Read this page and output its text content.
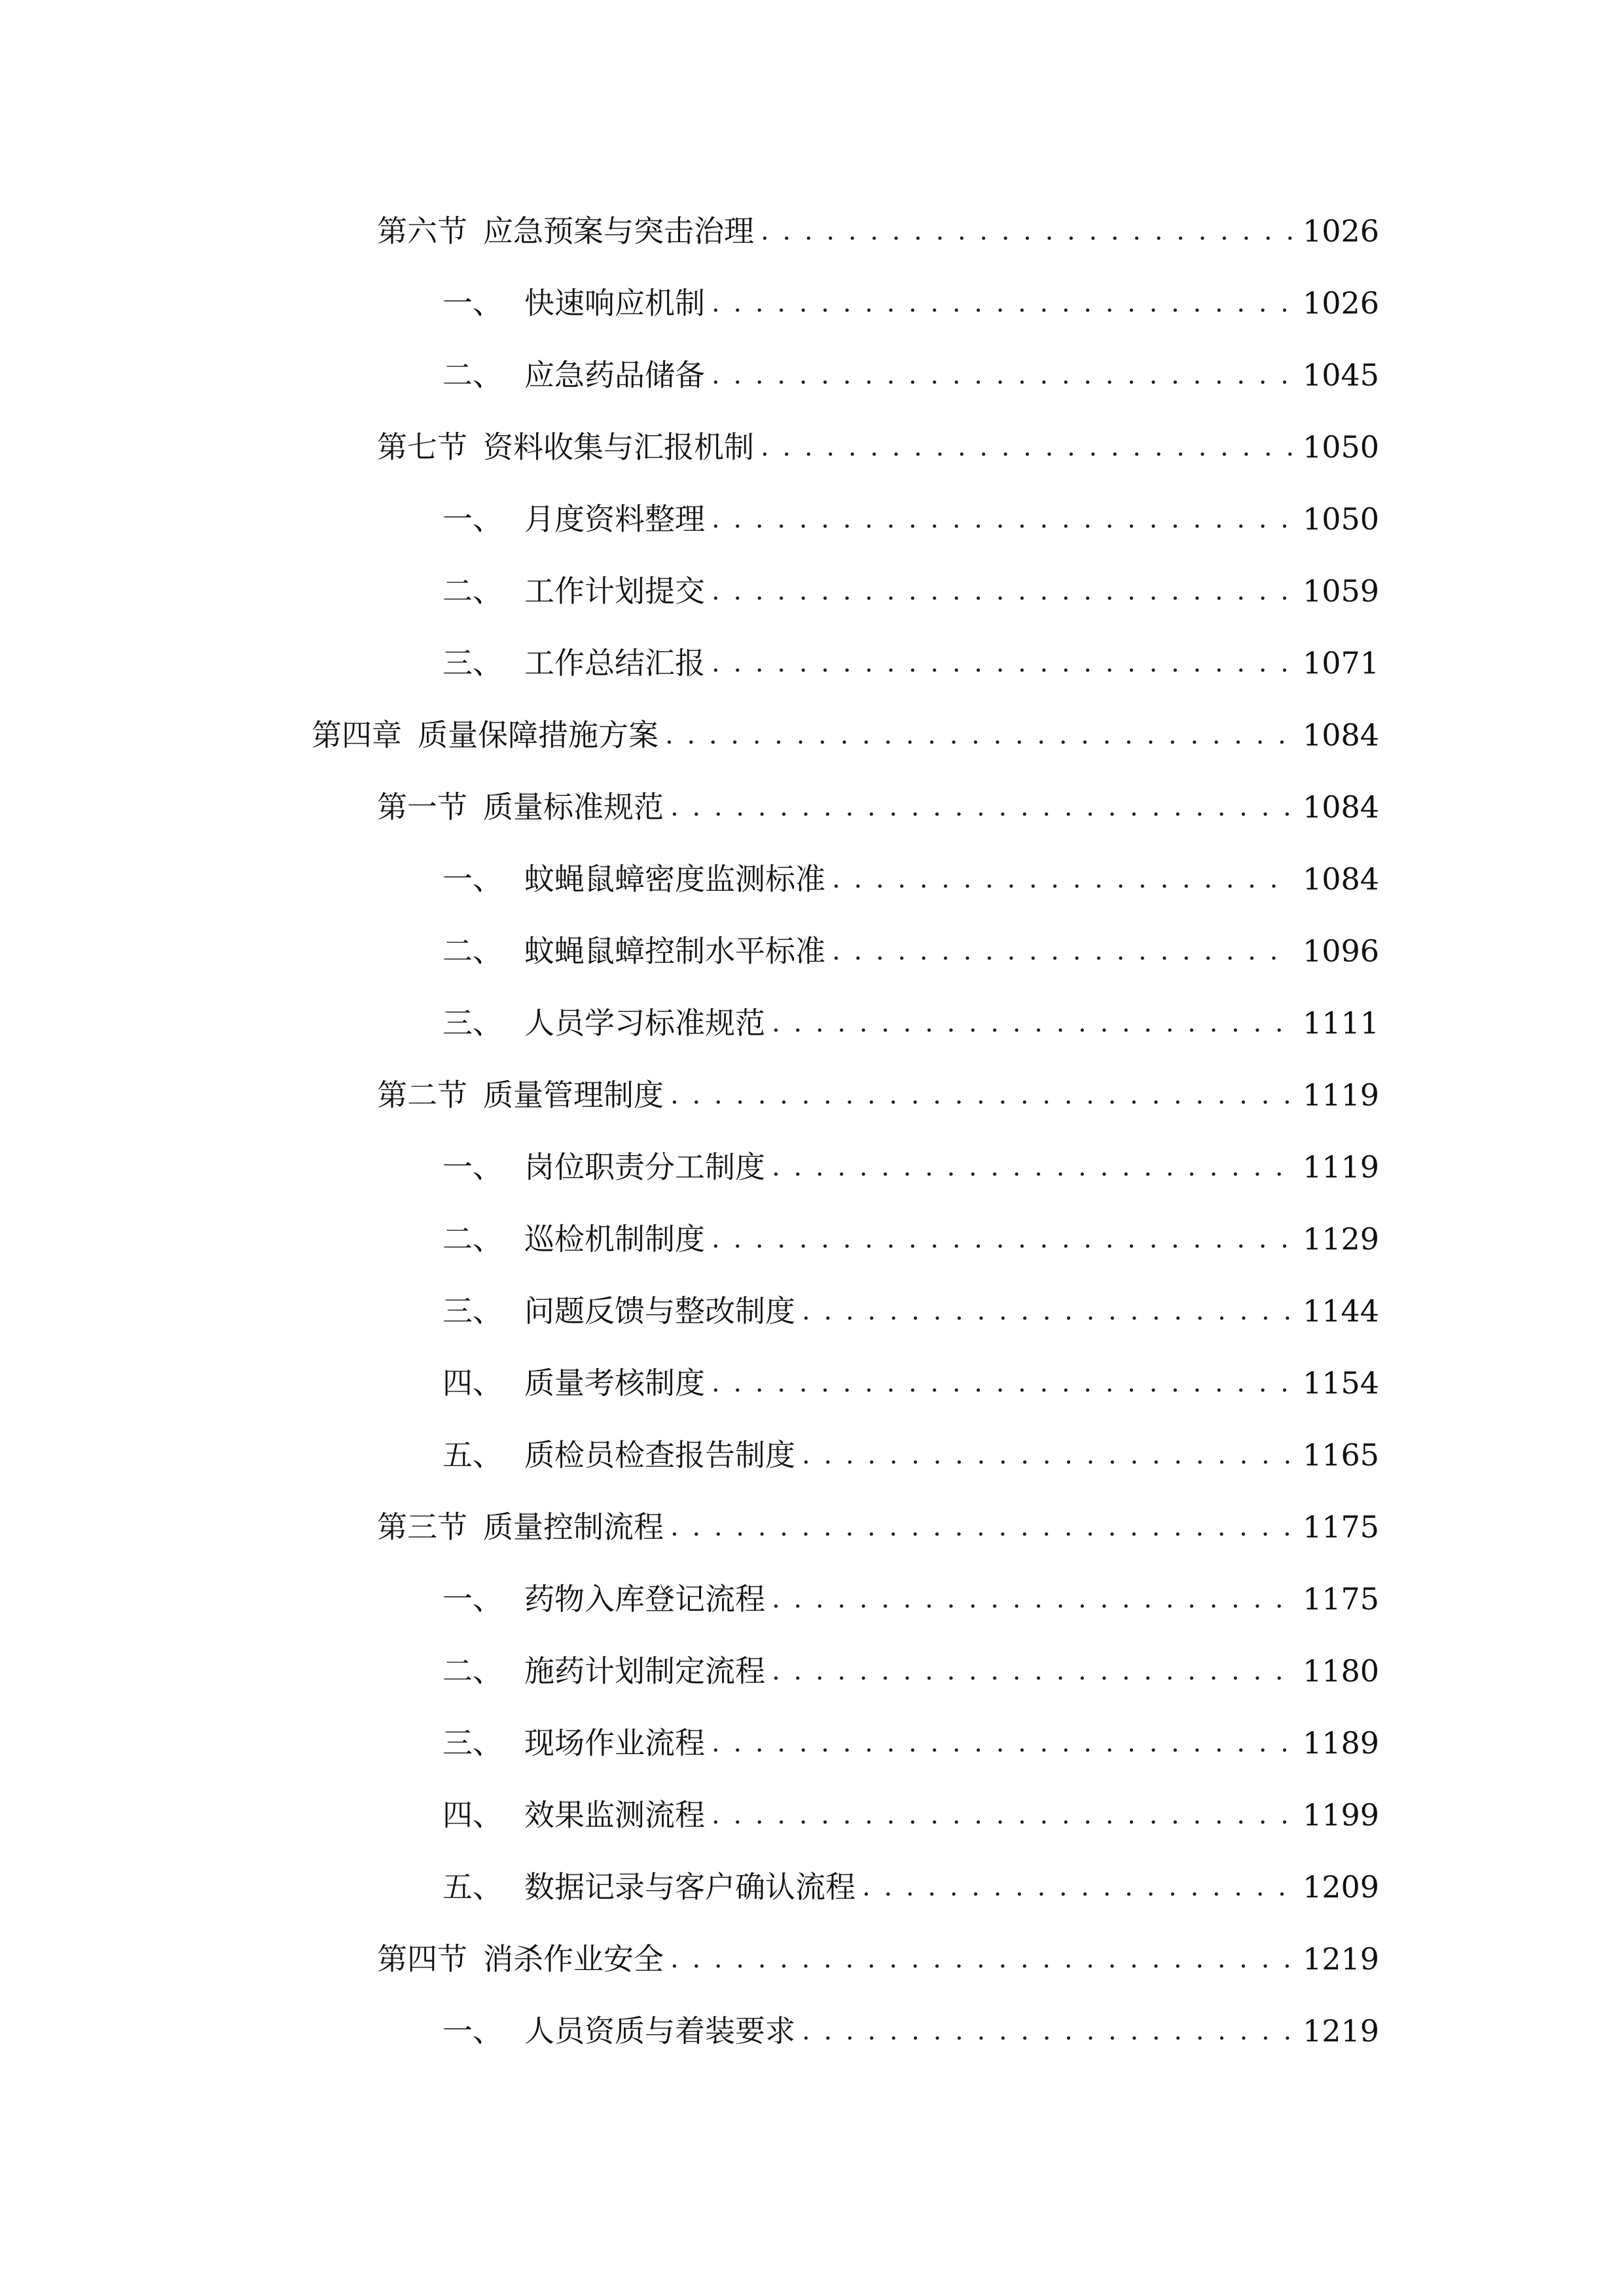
第六节 应急预案与突击治理 . . .	1026
一、 快速响应机制 . . .	1026
二、 应急药品储备 . . .	1045
第七节 资料收集与汇报机制 . . .	1050
一、 月度资料整理 . . .	1050
二、 工作计划提交 . . .	1059
三、 工作总结汇报 . . .	1071
第四章 质量保障措施方案 . . .	1084
第一节 质量标准规范 . . .	1084
一、 蚊蝇鼠蟑密度监测标准 . . .	1084
二、 蚊蝇鼠蟑控制水平标准 . . .	1096
三、 人员学习标准规范 . . .	1111
第二节 质量管理制度 . . .	1119
一、 岗位职责分工制度 . . .	1119
二、 巡检机制制度 . . .	1129
三、 问题反馈与整改制度 . . .	1144
四、 质量考核制度 . . .	1154
五、 质检员检查报告制度 . . .	1165
第三节 质量控制流程 . . .	1175
一、 药物入库登记流程 . . .	1175
二、 施药计划制定流程 . . .	1180
三、 现场作业流程 . . .	1189
四、 效果监测流程 . . .	1199
五、 数据记录与客户确认流程 . . .	1209
第四节 消杀作业安全 . . .	1219
一、 人员资质与着装要求 . . .	1219
